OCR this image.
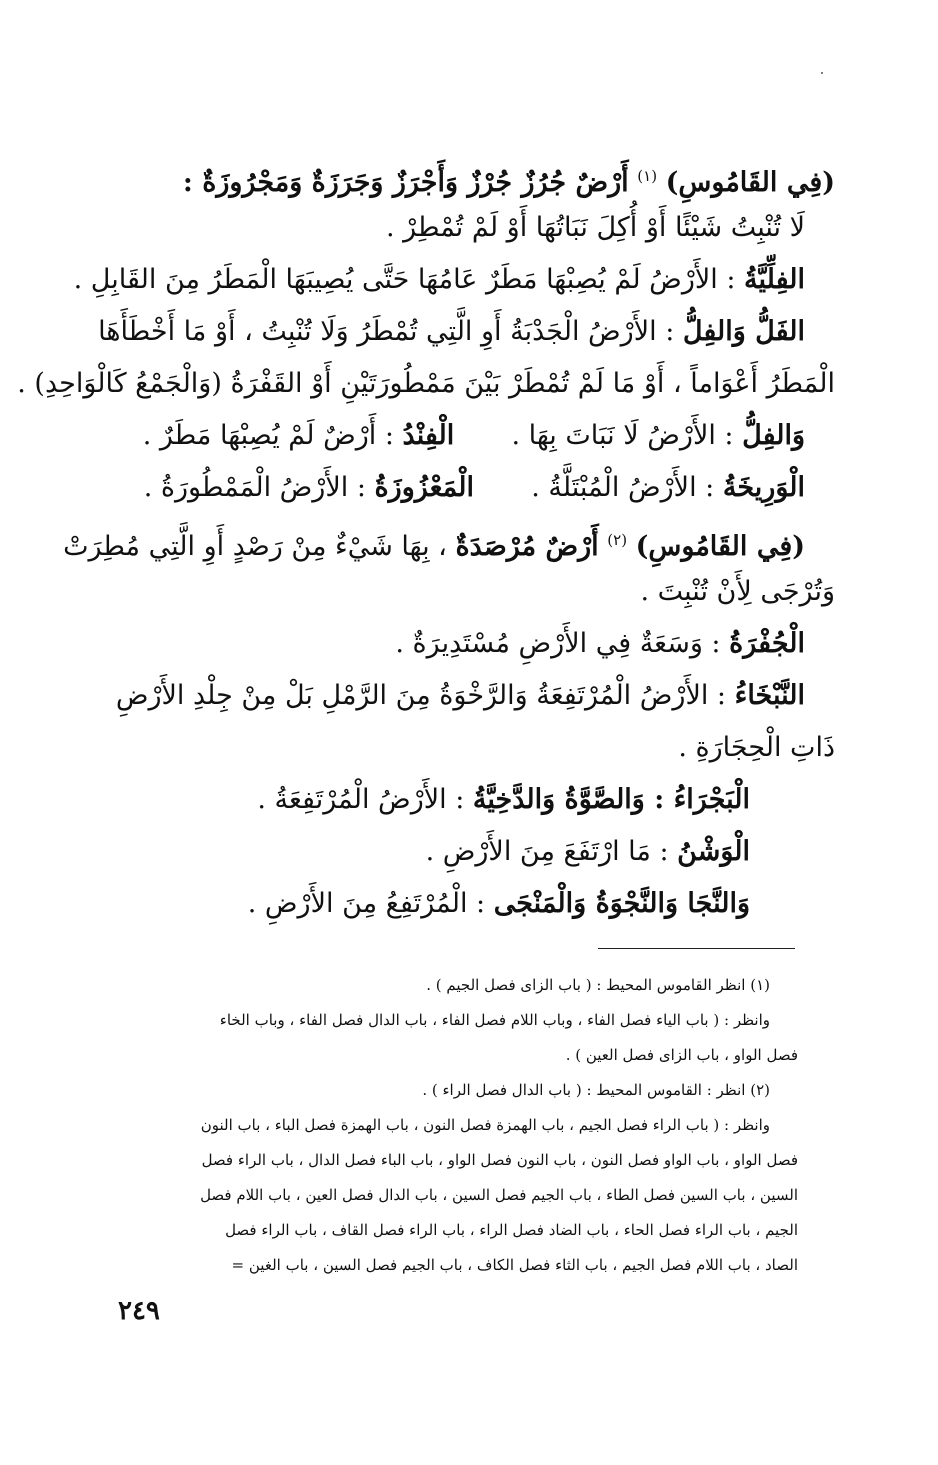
(فِي القَامُوسِ) $^{(١)}$ أَرْضٌ جُرُزٌ جُرْزٌ وَأَجْرَزٌ وَجَرَزَةٌ وَمَجْرُوزَةٌ :
لَا تُنْبِتُ شَيْئًا أَوْ أُكِلَ نَبَاتُهَا أَوْ لَمْ تُمْطِرْ .
الفِلِّيَّةُ : الأَرْضُ لَمْ يُصِبْهَا مَطَرٌ عَامُهَا حَتَّى يُصِيبَهَا الْمَطَرُ مِنَ القَابِلِ .
الفَلُّ وَالفِلُّ : الأَرْضُ الْجَدْبَةُ أَوِ الَّتِي تُمْطَرُ وَلَا تُنْبِتُ ، أَوْ مَا أَخْطَأَهَا
الْمَطَرُ أَعْوَاماً ، أَوْ مَا لَمْ تُمْطَرْ بَيْنَ مَمْطُورَتَيْنِ أَوْ القَفْرَةُ (وَالْجَمْعُ كَالْوَاحِدِ) .
وَالفِلُّ : الأَرْضُ لَا نَبَاتَ بِهَا .  الْفِنْدُ : أَرْضٌ لَمْ يُصِبْهَا مَطَرٌ .
الْوَرِيخَةُ : الأَرْضُ الْمُبْتَلَّةُ .  الْمَعْزُوزَةُ : الأَرْضُ الْمَمْطُورَةُ .
(فِي القَامُوسِ) $^{(٢)}$ أَرْضٌ مُرْصَدَةٌ ، بِهَا شَيْءٌ مِنْ رَصْدٍ أَوِ الَّتِي مُطِرَتْ
وَتُرْجَى لِأَنْ تُنْبِتَ .
الْجُفْرَةُ : وَسَعَةٌ فِي الأَرْضِ مُسْتَدِيرَةٌ .
النَّبْخَاءُ : الأَرْضُ الْمُرْتَفِعَةُ وَالرَّخْوَةُ مِنَ الرَّمْلِ بَلْ مِنْ جِلْدِ الأَرْضِ
ذَاتِ الْحِجَارَةِ .
الْبَجْرَاءُ : وَالصَّوَّةُ وَالدَّخِيَّةُ : الأَرْضُ الْمُرْتَفِعَةُ .
الْوَشْنُ : مَا ارْتَفَعَ مِنَ الأَرْضِ .
وَالنَّجَا وَالنَّجْوَةُ وَالْمَنْجَى : الْمُرْتَفِعُ مِنَ الأَرْضِ .
(١) انظر القاموس المحيط : ( باب الزاى فصل الجيم ) .
وانظر : ( باب الياء فصل الفاء ، وباب اللام فصل الفاء ، باب الدال فصل الفاء ، وباب الخاء
فصل الواو ، باب الزاى فصل العين ) .
(٢) انظر : القاموس المحيط : ( باب الدال فصل الراء ) .
وانظر : ( باب الراء فصل الجيم ، باب الهمزة فصل النون ، باب الهمزة فصل الباء ، باب النون
فصل الواو ، باب الواو فصل النون ، باب النون فصل الواو ، باب الباء فصل الدال ، باب الراء فصل
السين ، باب السين فصل الطاء ، باب الجيم فصل السين ، باب الدال فصل العين ، باب اللام فصل
الجيم ، باب الراء فصل الحاء ، باب الضاد فصل الراء ، باب الراء فصل القاف ، باب الراء فصل
الصاد ، باب اللام فصل الجيم ، باب الثاء فصل الكاف ، باب الجيم فصل السين ، باب الغين =
٢٤٩
